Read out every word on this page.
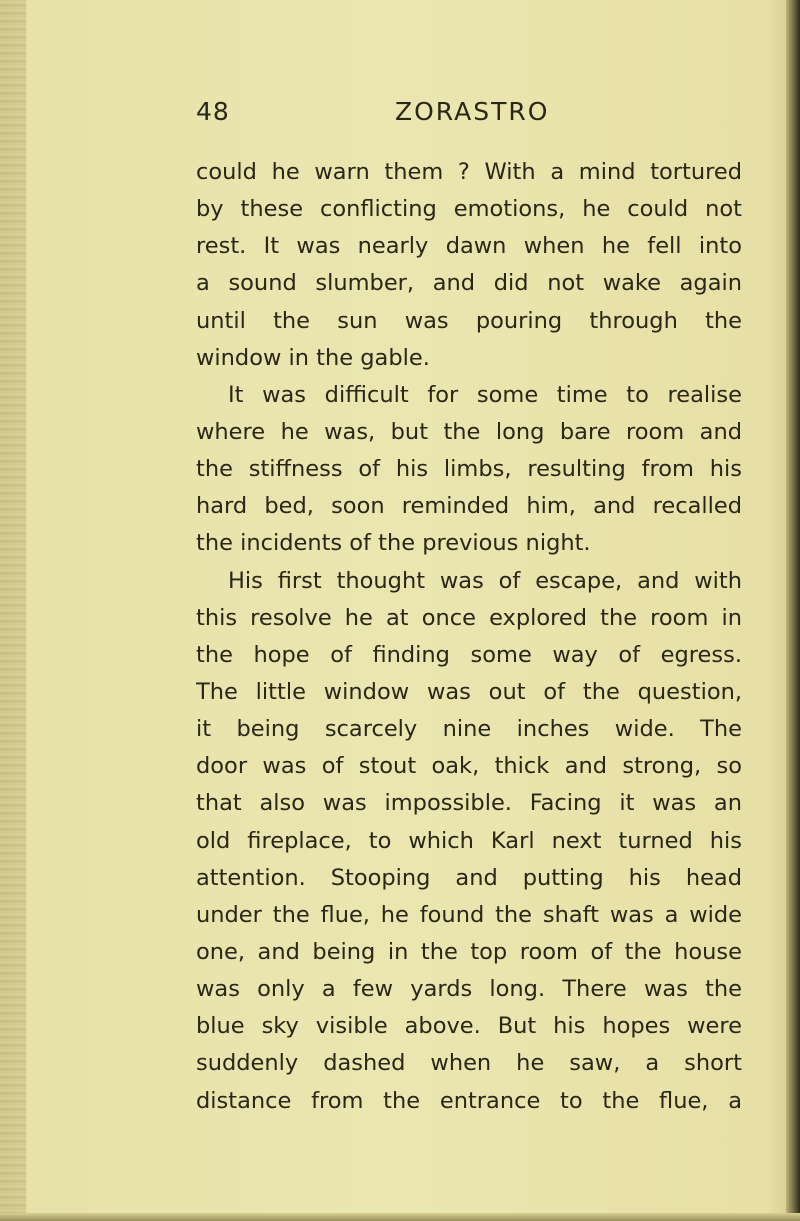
48	ZORASTRO
could he warn them ? With a mind tortured
by these conflicting emotions, he could not
rest. It was nearly dawn when he fell into
a sound slumber, and did not wake again
until the sun was pouring through the
window in the gable.
It was difficult for some time to realise
where he was, but the long bare room and
the stiffness of his limbs, resulting from his
hard bed, soon reminded him, and recalled
the incidents of the previous night.
His first thought was of escape, and with
this resolve he at once explored the room in
the hope of finding some way of egress.
The little window was out of the question,
it being scarcely nine inches wide. The
door was of stout oak, thick and strong, so
that also was impossible. Facing it was an
old fireplace, to which Karl next turned his
attention. Stooping and putting his head
under the flue, he found the shaft was a wide
one, and being in the top room of the house
was only a few yards long. There was the
blue sky visible above. But his hopes were
suddenly dashed when he saw, a short
distance from the entrance to the flue, a
